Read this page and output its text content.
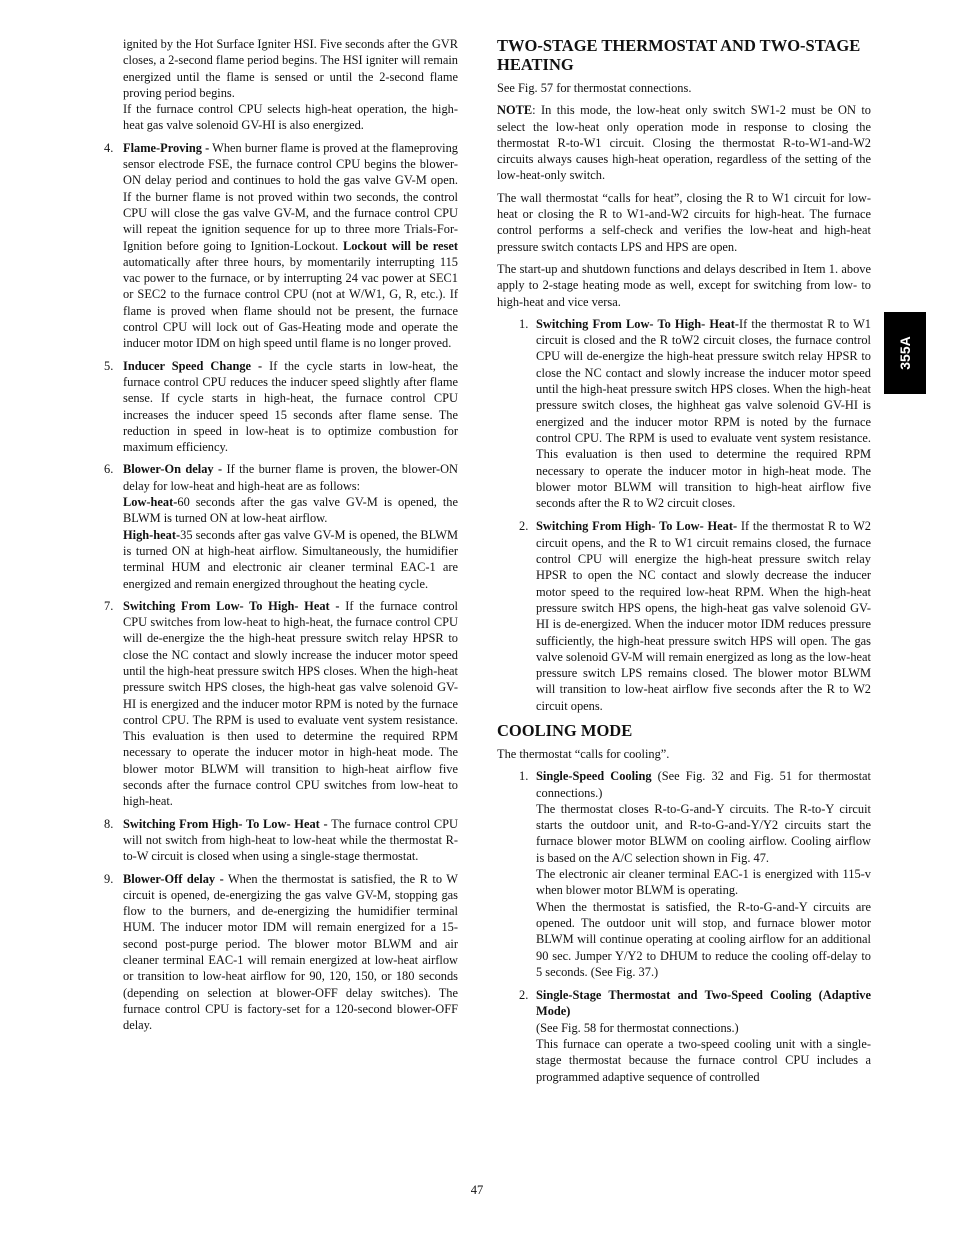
ignited by the Hot Surface Igniter HSI. Five seconds after the GVR closes, a 2-second flame period begins. The HSI igniter will remain energized until the flame is sensed or until the 2-second flame proving period begins.

If the furnace control CPU selects high-heat operation, the high-heat gas valve solenoid GV-HI is also energized.

4. Flame-Proving - When burner flame is proved at the flameproving sensor electrode FSE, the furnace control CPU begins the blower-ON delay period and continues to hold the gas valve GV-M open. If the burner flame is not proved within two seconds, the control CPU will close the gas valve GV-M, and the furnace control CPU will repeat the ignition sequence for up to three more Trials-For-Ignition before going to Ignition-Lockout. Lockout will be reset automatically after three hours, by momentarily interrupting 115 vac power to the furnace, or by interrupting 24 vac power at SEC1 or SEC2 to the furnace control CPU (not at W/W1, G, R, etc.). If flame is proved when flame should not be present, the furnace control CPU will lock out of Gas-Heating mode and operate the inducer motor IDM on high speed until flame is no longer proved.

5. Inducer Speed Change - If the cycle starts in low-heat, the furnace control CPU reduces the inducer speed slightly after flame sense. If cycle starts in high-heat, the furnace control CPU increases the inducer speed 15 seconds after flame sense. The reduction in speed in low-heat is to optimize combustion for maximum efficiency.

6. Blower-On delay - If the burner flame is proven, the blower-ON delay for low-heat and high-heat are as follows:

Low-heat-60 seconds after the gas valve GV-M is opened, the BLWM is turned ON at low-heat airflow.

High-heat-35 seconds after gas valve GV-M is opened, the BLWM is turned ON at high-heat airflow. Simultaneously, the humidifier terminal HUM and electronic air cleaner terminal EAC-1 are energized and remain energized throughout the heating cycle.

7. Switching From Low- To High- Heat - If the furnace control CPU switches from low-heat to high-heat, the furnace control CPU will de-energize the the high-heat pressure switch relay HPSR to close the NC contact and slowly increase the inducer motor speed until the high-heat pressure switch HPS closes. When the high-heat pressure switch HPS closes, the high-heat gas valve solenoid GV-HI is energized and the inducer motor RPM is noted by the furnace control CPU. The RPM is used to evaluate vent system resistance. This evaluation is then used to determine the required RPM necessary to operate the inducer motor in high-heat mode. The blower motor BLWM will transition to high-heat airflow five seconds after the furnace control CPU switches from low-heat to high-heat.

8. Switching From High- To Low- Heat - The furnace control CPU will not switch from high-heat to low-heat while the thermostat R-to-W circuit is closed when using a single-stage thermostat.

9. Blower-Off delay - When the thermostat is satisfied, the R to W circuit is opened, de-energizing the gas valve GV-M, stopping gas flow to the burners, and de-energizing the humidifier terminal HUM. The inducer motor IDM will remain energized for a 15-second post-purge period. The blower motor BLWM and air cleaner terminal EAC-1 will remain energized at low-heat airflow or transition to low-heat airflow for 90, 120, 150, or 180 seconds (depending on selection at blower-OFF delay switches). The furnace control CPU is factory-set for a 120-second blower-OFF delay.

TWO-STAGE THERMOSTAT AND TWO-STAGE HEATING

See Fig. 57 for thermostat connections.

NOTE: In this mode, the low-heat only switch SW1-2 must be ON to select the low-heat only operation mode in response to closing the thermostat R-to-W1 circuit. Closing the thermostat R-to-W1-and-W2 circuits always causes high-heat operation, regardless of the setting of the low-heat-only switch.

The wall thermostat “calls for heat”, closing the R to W1 circuit for low-heat or closing the R to W1-and-W2 circuits for high-heat. The furnace control performs a self-check and verifies the low-heat and high-heat pressure switch contacts LPS and HPS are open.

The start-up and shutdown functions and delays described in Item 1. above apply to 2-stage heating mode as well, except for switching from low- to high-heat and vice versa.

1. Switching From Low- To High- Heat-If the thermostat R to W1 circuit is closed and the R toW2 circuit closes, the furnace control CPU will de-energize the high-heat pressure switch relay HPSR to close the NC contact and slowly increase the inducer motor speed until the high-heat pressure switch HPS closes. When the high-heat pressure switch closes, the highheat gas valve solenoid GV-HI is energized and the inducer motor RPM is noted by the furnace control CPU. The RPM is used to evaluate vent system resistance. This evaluation is then used to determine the required RPM necessary to operate the inducer motor in high-heat mode. The blower motor BLWM will transition to high-heat airflow five seconds after the R to W2 circuit closes.

2. Switching From High- To Low- Heat- If the thermostat R to W2 circuit opens, and the R to W1 circuit remains closed, the furnace control CPU will energize the high-heat pressure switch relay HPSR to open the NC contact and slowly decrease the inducer motor speed to the required low-heat RPM. When the high-heat pressure switch HPS opens, the high-heat gas valve solenoid GV-HI is de-energized. When the inducer motor IDM reduces pressure sufficiently, the high-heat pressure switch HPS will open. The gas valve solenoid GV-M will remain energized as long as the low-heat pressure switch LPS remains closed. The blower motor BLWM will transition to low-heat airflow five seconds after the R to W2 circuit opens.

COOLING MODE

The thermostat “calls for cooling”.

1. Single-Speed Cooling (See Fig. 32 and Fig. 51 for thermostat connections.)

The thermostat closes R-to-G-and-Y circuits. The R-to-Y circuit starts the outdoor unit, and R-to-G-and-Y/Y2 circuits start the furnace blower motor BLWM on cooling airflow. Cooling airflow is based on the A/C selection shown in Fig. 47.

The electronic air cleaner terminal EAC-1 is energized with 115-v when blower motor BLWM is operating.

When the thermostat is satisfied, the R-to-G-and-Y circuits are opened. The outdoor unit will stop, and furnace blower motor BLWM will continue operating at cooling airflow for an additional 90 sec. Jumper Y/Y2 to DHUM to reduce the cooling off-delay to 5 seconds. (See Fig. 37.)

2. Single-Stage Thermostat and Two-Speed Cooling (Adaptive Mode)

(See Fig. 58 for thermostat connections.)

This furnace can operate a two-speed cooling unit with a single-stage thermostat because the furnace control CPU includes a programmed adaptive sequence of controlled

355A
47
